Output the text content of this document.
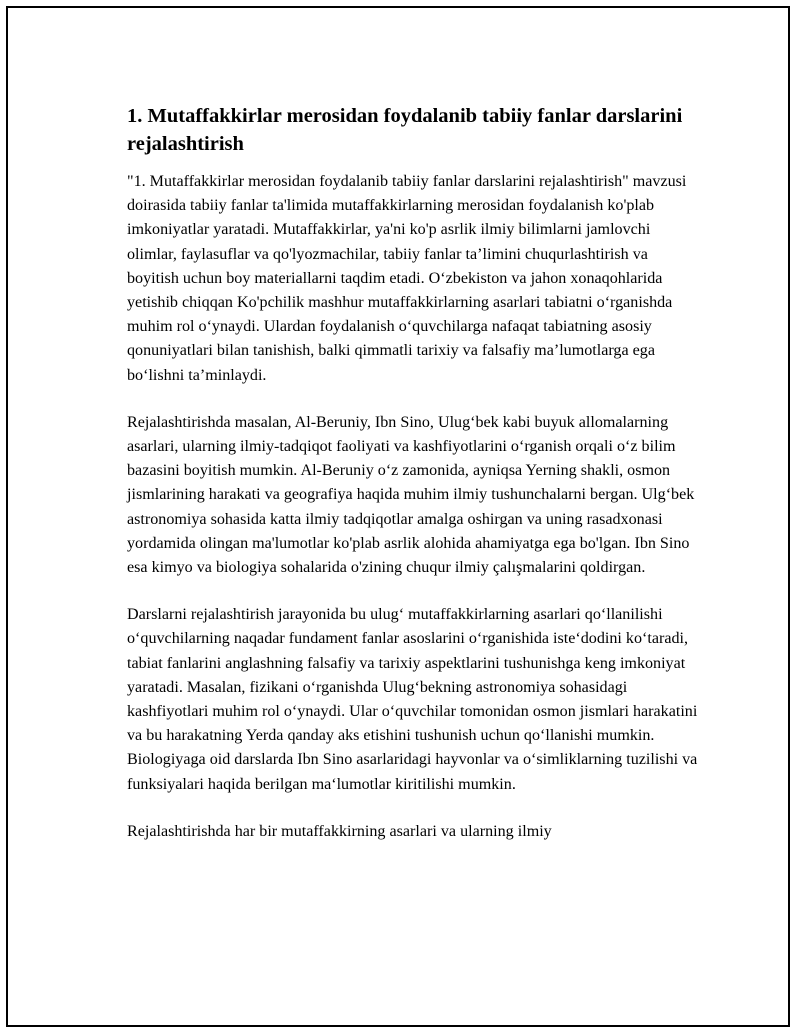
1. Mutaffakkirlar merosidan foydalanib tabiiy fanlar darslarini rejalashtirish

"1. Mutaffakkirlar merosidan foydalanib tabiiy fanlar darslarini rejalashtirish" mavzusi doirasida tabiiy fanlar ta'limida mutaffakkirlarning merosidan foydalanish ko'plab imkoniyatlar yaratadi. Mutaffakkirlar, ya'ni ko'p asrlik ilmiy bilimlarni jamlovchi olimlar, faylasuflar va qo'lyozmachilar, tabiiy fanlar ta’limini chuqurlashtirish va boyitish uchun boy materiallarni taqdim etadi. O‘zbekiston va jahon xonaqohlarida yetishib chiqqan Ko'pchilik mashhur mutaffakkirlarning asarlari tabiatni o‘rganishda muhim rol o‘ynaydi. Ulardan foydalanish o‘quvchilarga nafaqat tabiatning asosiy qonuniyatlari bilan tanishish, balki qimmatli tarixiy va falsafiy ma’lumotlarga ega bo‘lishni ta’minlaydi.

Rejalashtirishda masalan, Al-Beruniy, Ibn Sino, Ulug‘bek kabi buyuk allomalarning asarlari, ularning ilmiy-tadqiqot faoliyati va kashfiyotlarini o‘rganish orqali o‘z bilim bazasini boyitish mumkin. Al-Beruniy o‘z zamonida, ayniqsa Yerning shakli, osmon jismlarining harakati va geografiya haqida muhim ilmiy tushunchalarni bergan. Ulg‘bek astronomiya sohasida katta ilmiy tadqiqotlar amalga oshirgan va uning rasadxonasi yordamida olingan ma'lumotlar ko'plab asrlik alohida ahamiyatga ega bo'lgan. Ibn Sino esa kimyo va biologiya sohalarida o'zining chuqur ilmiy çalışmalarini qoldirgan.

Darslarni rejalashtirish jarayonida bu ulug‘ mutaffakkirlarning asarlari qo‘llanilishi o‘quvchilarning naqadar fundament fanlar asoslarini o‘rganishida iste‘dodini ko‘taradi, tabiat fanlarini anglashning falsafiy va tarixiy aspektlarini tushunishga keng imkoniyat yaratadi. Masalan, fizikani o‘rganishda Ulug‘bekning astronomiya sohasidagi kashfiyotlari muhim rol o‘ynaydi. Ular o‘quvchilar tomonidan osmon jismlari harakatini va bu harakatning Yerda qanday aks etishini tushunish uchun qo‘llanishi mumkin. Biologiyaga oid darslarda Ibn Sino asarlaridagi hayvonlar va o‘simliklarning tuzilishi va funksiyalari haqida berilgan ma‘lumotlar kiritilishi mumkin.

Rejalashtirishda har bir mutaffakkirning asarlari va ularning ilmiy
